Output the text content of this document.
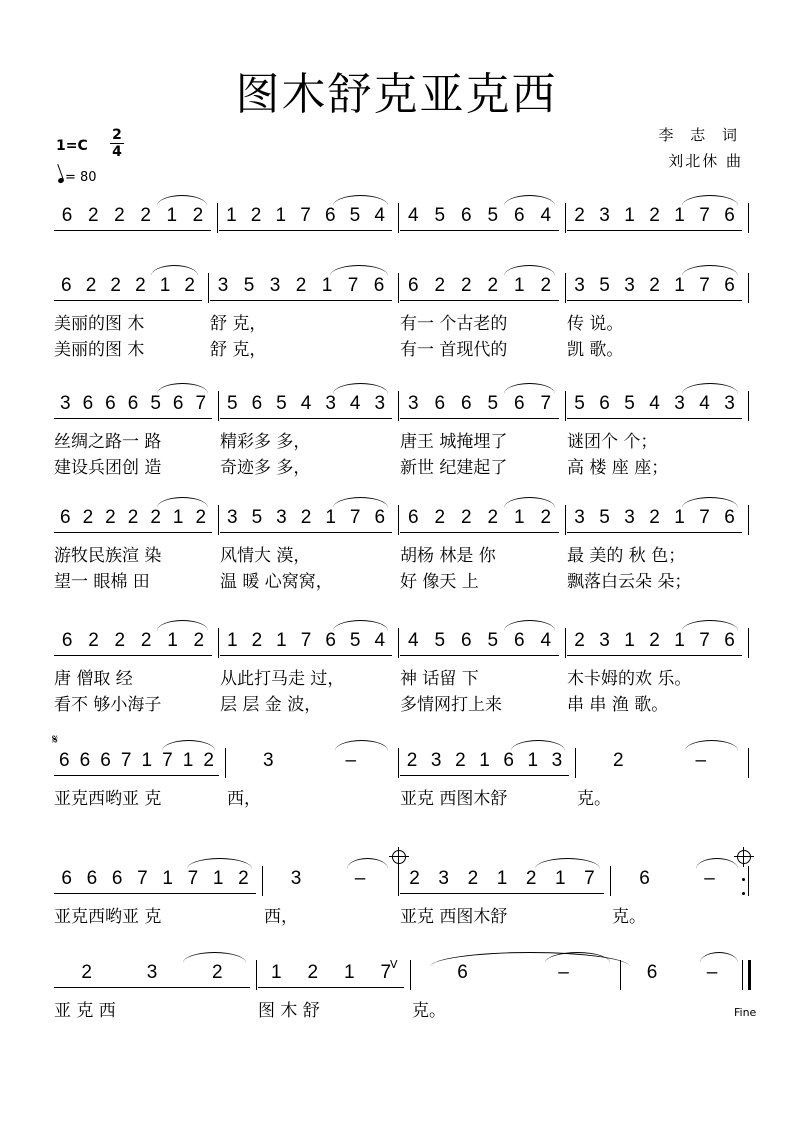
图木舒克亚克西
1=C
2
4
= 80
李 志 词
刘北休 曲
6 2 2 2 1 2	1 2 1 7 6 5 4	4 5 6 5 6 4	2 3 1 2 1 7 6
6 2 2 2 1 2	3 5 3 2 1 7 6	6 2 2 2 1 2	3 5 3 2 1 7 6
美丽的图 木	舒 克，	有一 个古老的	传 说。
美丽的图 木	舒 克，	有一 首现代的	凯 歌。
3 6 6 6 5 6 7	5 6 5 4 3 4 3	3 6 6 5 6 7	5 6 5 4 3 4 3
丝绸之路一 路	精彩多 多，	唐王 城掩埋了	谜团个 个；
建设兵团创 造	奇迹多 多，	新世 纪建起了	高 楼 座 座；
6 2 2 2 2 1 2	3 5 3 2 1 7 6	6 2 2 2 1 2	3 5 3 2 1 7 6
游牧民族渲 染	风情大 漠，	胡杨 林是 你	最 美的 秋 色；
望一 眼棉 田	温 暖 心窝窝，	好 像天 上	飘落白云朵 朵；
6 2 2 2 1 2	1 2 1 7 6 5 4	4 5 6 5 6 4	2 3 1 2 1 7 6
唐 僧取 经	从此打马走 过，	神 话留 下	木卡姆的欢 乐。
看不 够小海子	层 层 金 波，	多情网打上来	串 串 渔 歌。
6 6 6 7 1 7 1 2	3	–	2 3 2 1 6 1 3	2	–
亚克西哟亚 克	西，	亚克 西图木舒	克。
6 6 6 7 1 7 1 2	3	–	2 3 2 1 2 1 7	6	–
亚克西哟亚 克	西，	亚克 西图木舒	克。
2	3	2	1	2	1	7	6	–	6	–
亚 克 西	图 木 舒	克。
𝄋
V
Fine
